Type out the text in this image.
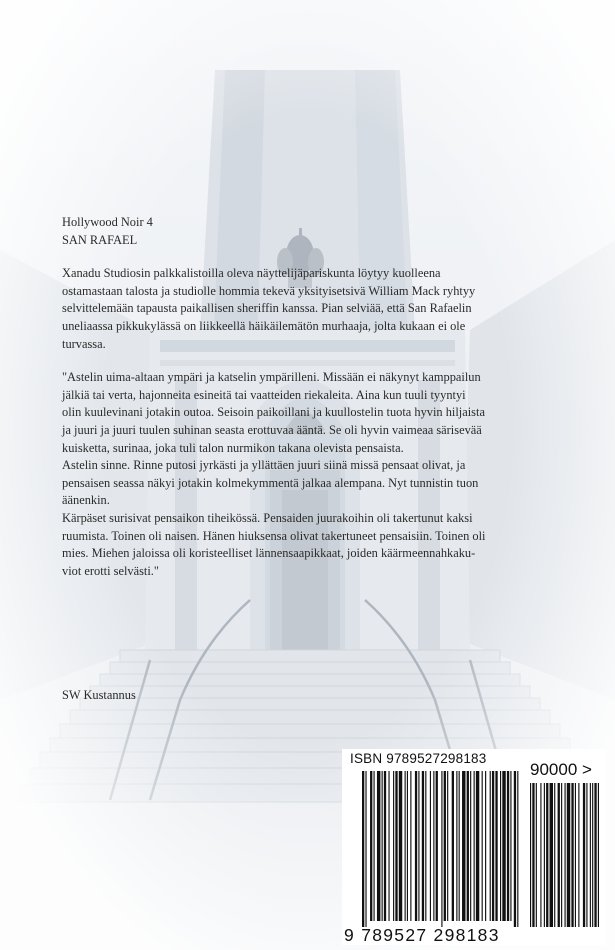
Hollywood Noir 4
SAN RAFAEL
Xanadu Studiosin palkkalistoilla oleva näyttelijäpariskunta löytyy kuolleena
ostamastaan talosta ja studiolle hommia tekevä yksityisetsivä William Mack ryhtyy
selvittelemään tapausta paikallisen sheriffin kanssa. Pian selviää, että San Rafaelin
uneliaassa pikkukylässä on liikkeellä häikäilemätön murhaaja, jolta kukaan ei ole
turvassa.
"Astelin uima-altaan ympäri ja katselin ympärilleni. Missään ei näkynyt kamppailun
jälkiä tai verta, hajonneita esineitä tai vaatteiden riekaleita. Aina kun tuuli tyyntyi
olin kuulevinani jotakin outoa. Seisoin paikoillani ja kuullostelin tuota hyvin hiljaista
ja juuri ja juuri tuulen suhinan seasta erottuvaa ääntä. Se oli hyvin vaimeaa särisevää
kuisketta, surinaa, joka tuli talon nurmikon takana olevista pensaista.
Astelin sinne. Rinne putosi jyrkästi ja yllättäen juuri siinä missä pensaat olivat, ja
pensaisen seassa näkyi jotakin kolmekymmentä jalkaa alempana. Nyt tunnistin tuon
äänenkin.
Kärpäset surisivat pensaikon tiheikössä. Pensaiden juurakoihin oli takertunut kaksi
ruumista. Toinen oli naisen. Hänen hiuksensa olivat takertuneet pensaisiin. Toinen oli
mies. Miehen jaloissa oli koristeelliset lännensaapikkaat, joiden käärmeennahkaku-
viot erotti selvästi."
SW Kustannus
ISBN 9789527298183
90000 >
9 789527 298183
